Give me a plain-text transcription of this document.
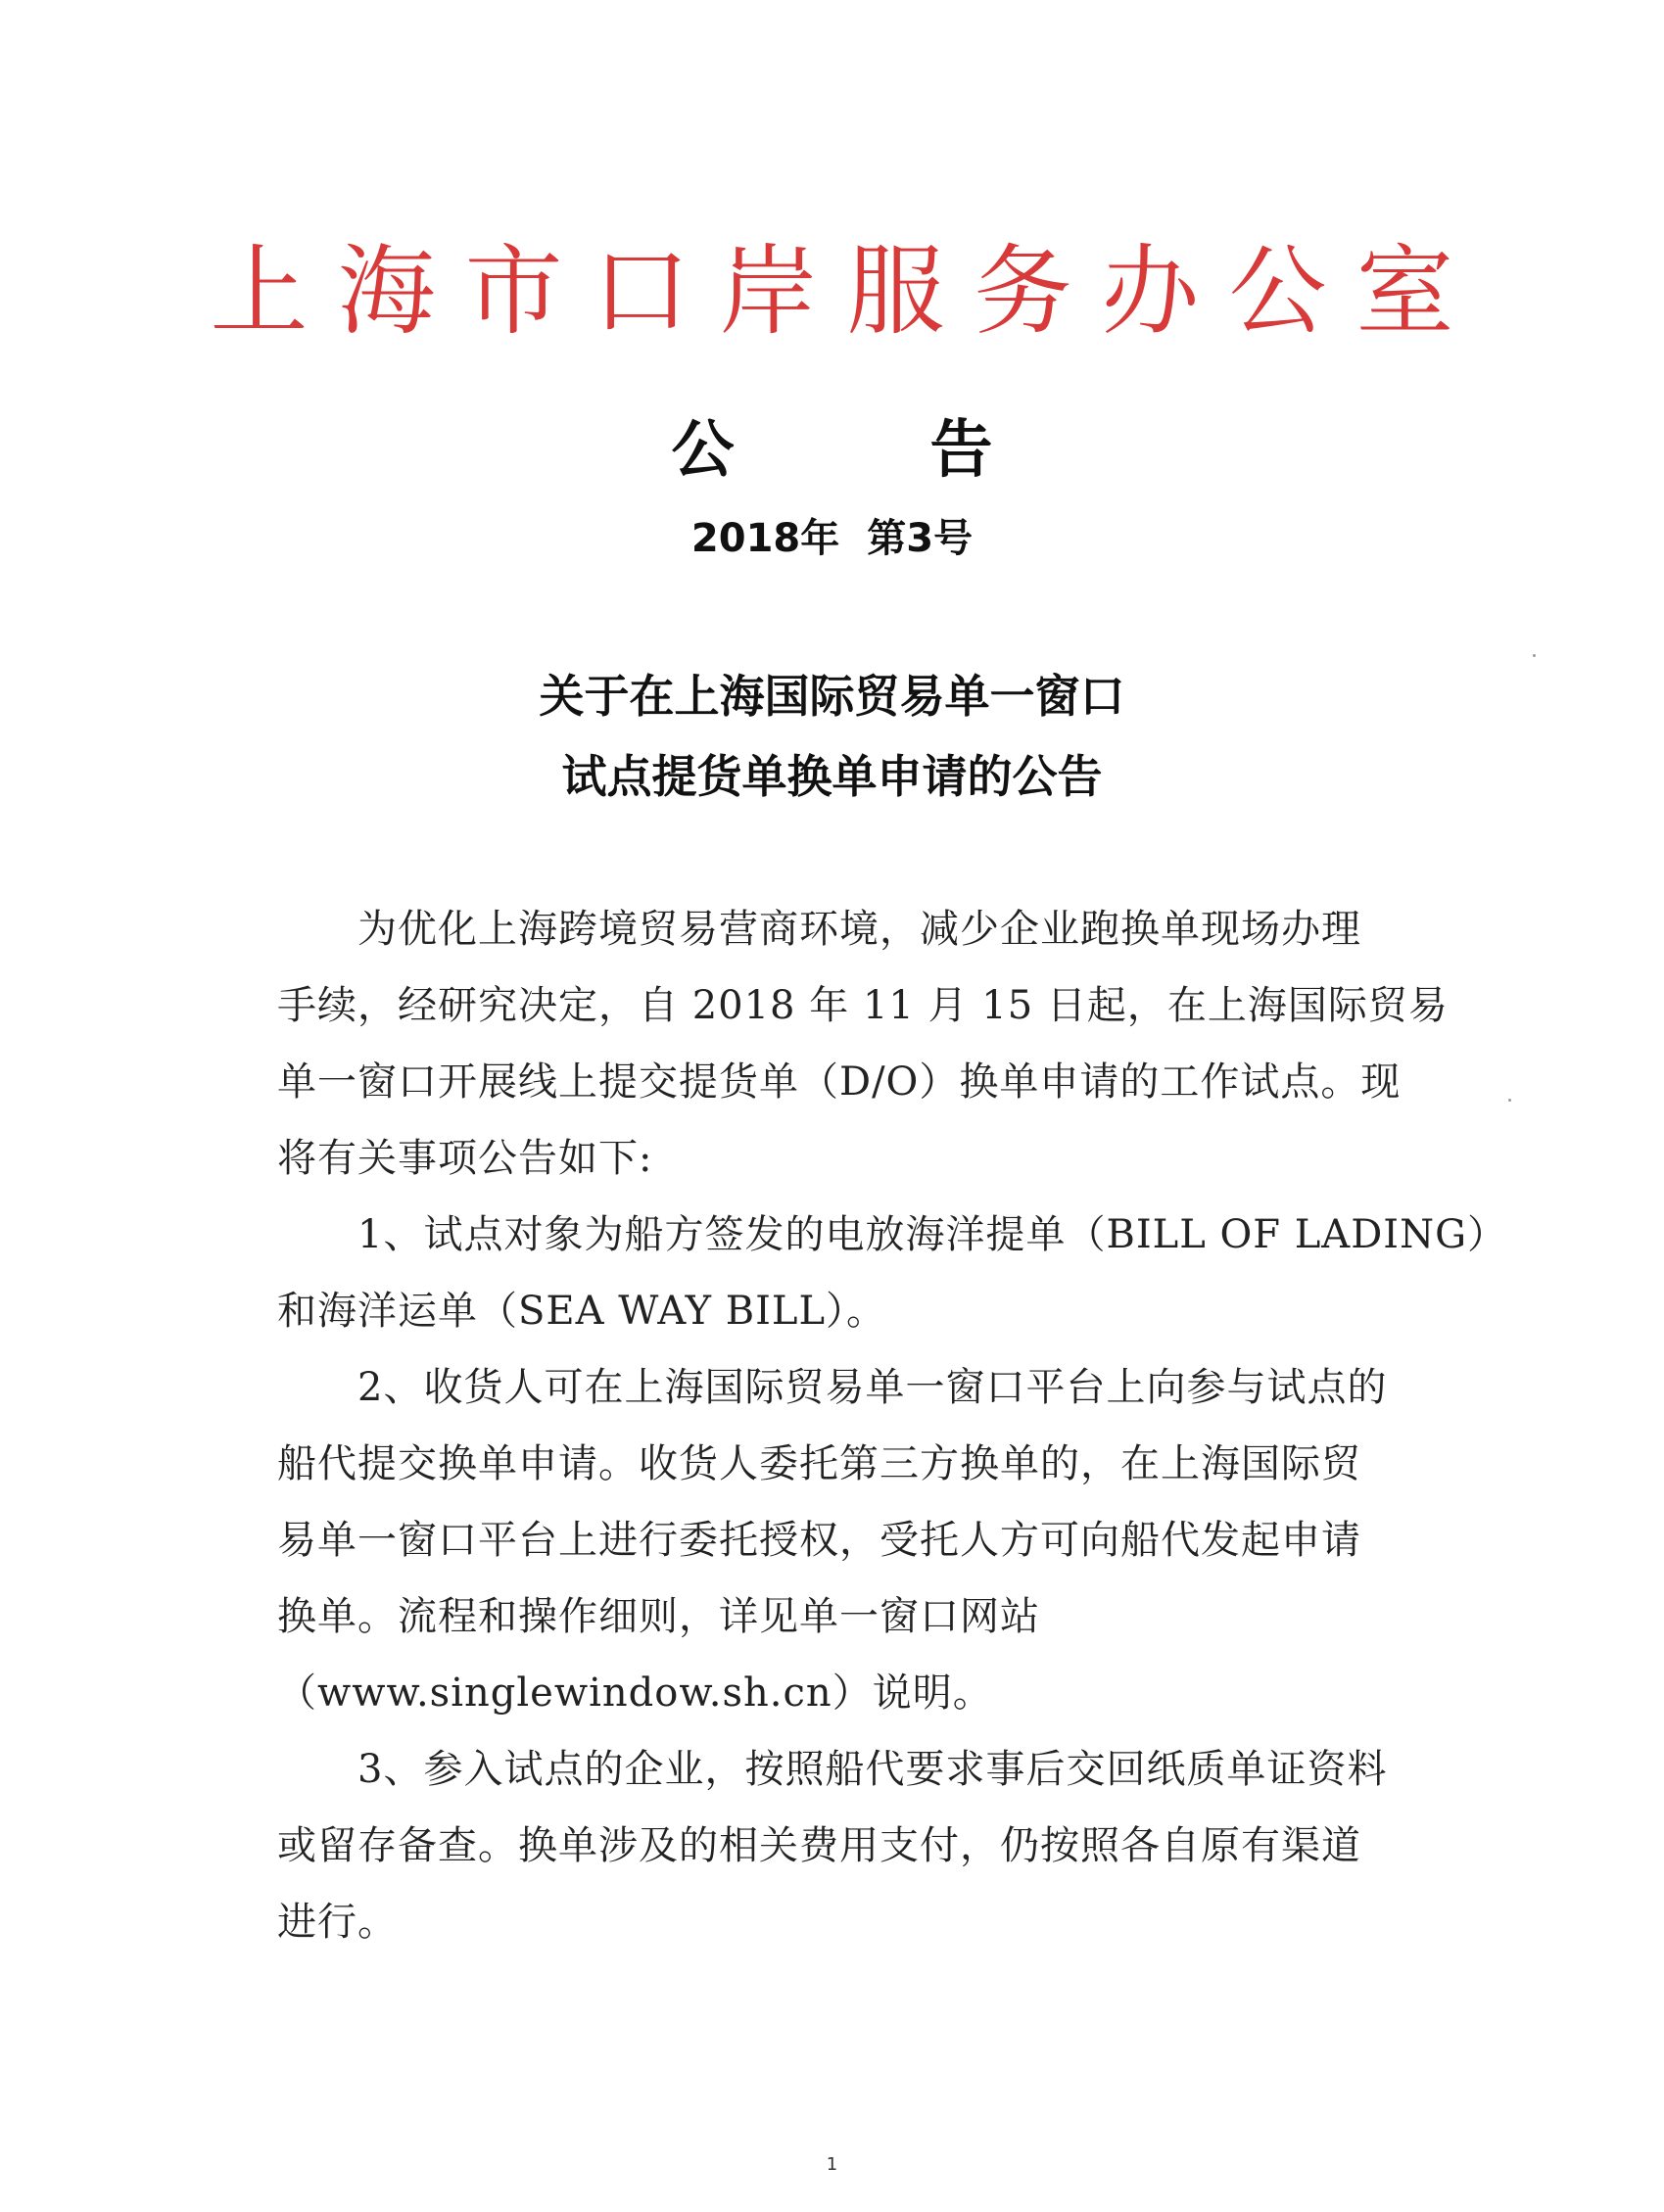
上海市口岸服务办公室
公	告
2018年 第3号
关于在上海国际贸易单一窗口
试点提货单换单申请的公告
为优化上海跨境贸易营商环境，减少企业跑换单现场办理
手续，经研究决定，自 2018 年 11 月 15 日起，在上海国际贸易
单一窗口开展线上提交提货单（D/O）换单申请的工作试点。现
将有关事项公告如下:
1、试点对象为船方签发的电放海洋提单（BILL OF LADING）
和海洋运单（SEA WAY BILL）。
2、收货人可在上海国际贸易单一窗口平台上向参与试点的
船代提交换单申请。收货人委托第三方换单的，在上海国际贸
易单一窗口平台上进行委托授权，受托人方可向船代发起申请
换单。流程和操作细则，详见单一窗口网站
（www.singlewindow.sh.cn）说明。
3、参入试点的企业，按照船代要求事后交回纸质单证资料
或留存备查。换单涉及的相关费用支付，仍按照各自原有渠道
进行。
1
